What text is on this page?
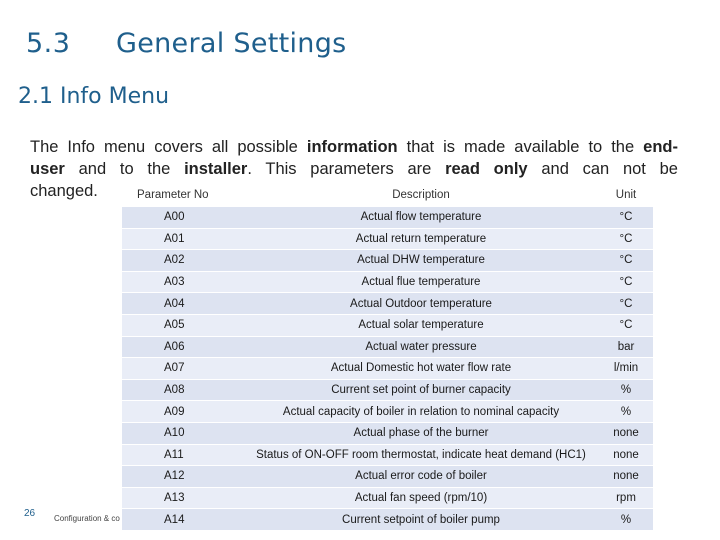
5.3 General Settings
2.1 Info Menu

The Info menu covers all possible information that is made available to the end-

user and to the installer. This parameters are read only and can not be

changed.	Parameter No	Description	Unit
A00	Actual flow temperature	°C
A01	Actual return temperature	°C
A02	Actual DHW temperature	°C
A03	Actual flue temperature	°C
A04	Actual Outdoor temperature	°C
A05	Actual solar temperature	°C
A06	Actual water pressure	bar
A07	Actual Domestic hot water flow rate	l/min
A08	Current set point of burner capacity	%
A09	Actual capacity of boiler in relation to nominal capacity	%
A10	Actual phase of the burner	none
A11	Status of ON-OFF room thermostat, indicate heat demand (HC1)	none
A12	Actual error code of boiler	none
A13	Actual fan speed (rpm/10)	rpm
A14	Current setpoint of boiler pump	%
26 Configuration & co
